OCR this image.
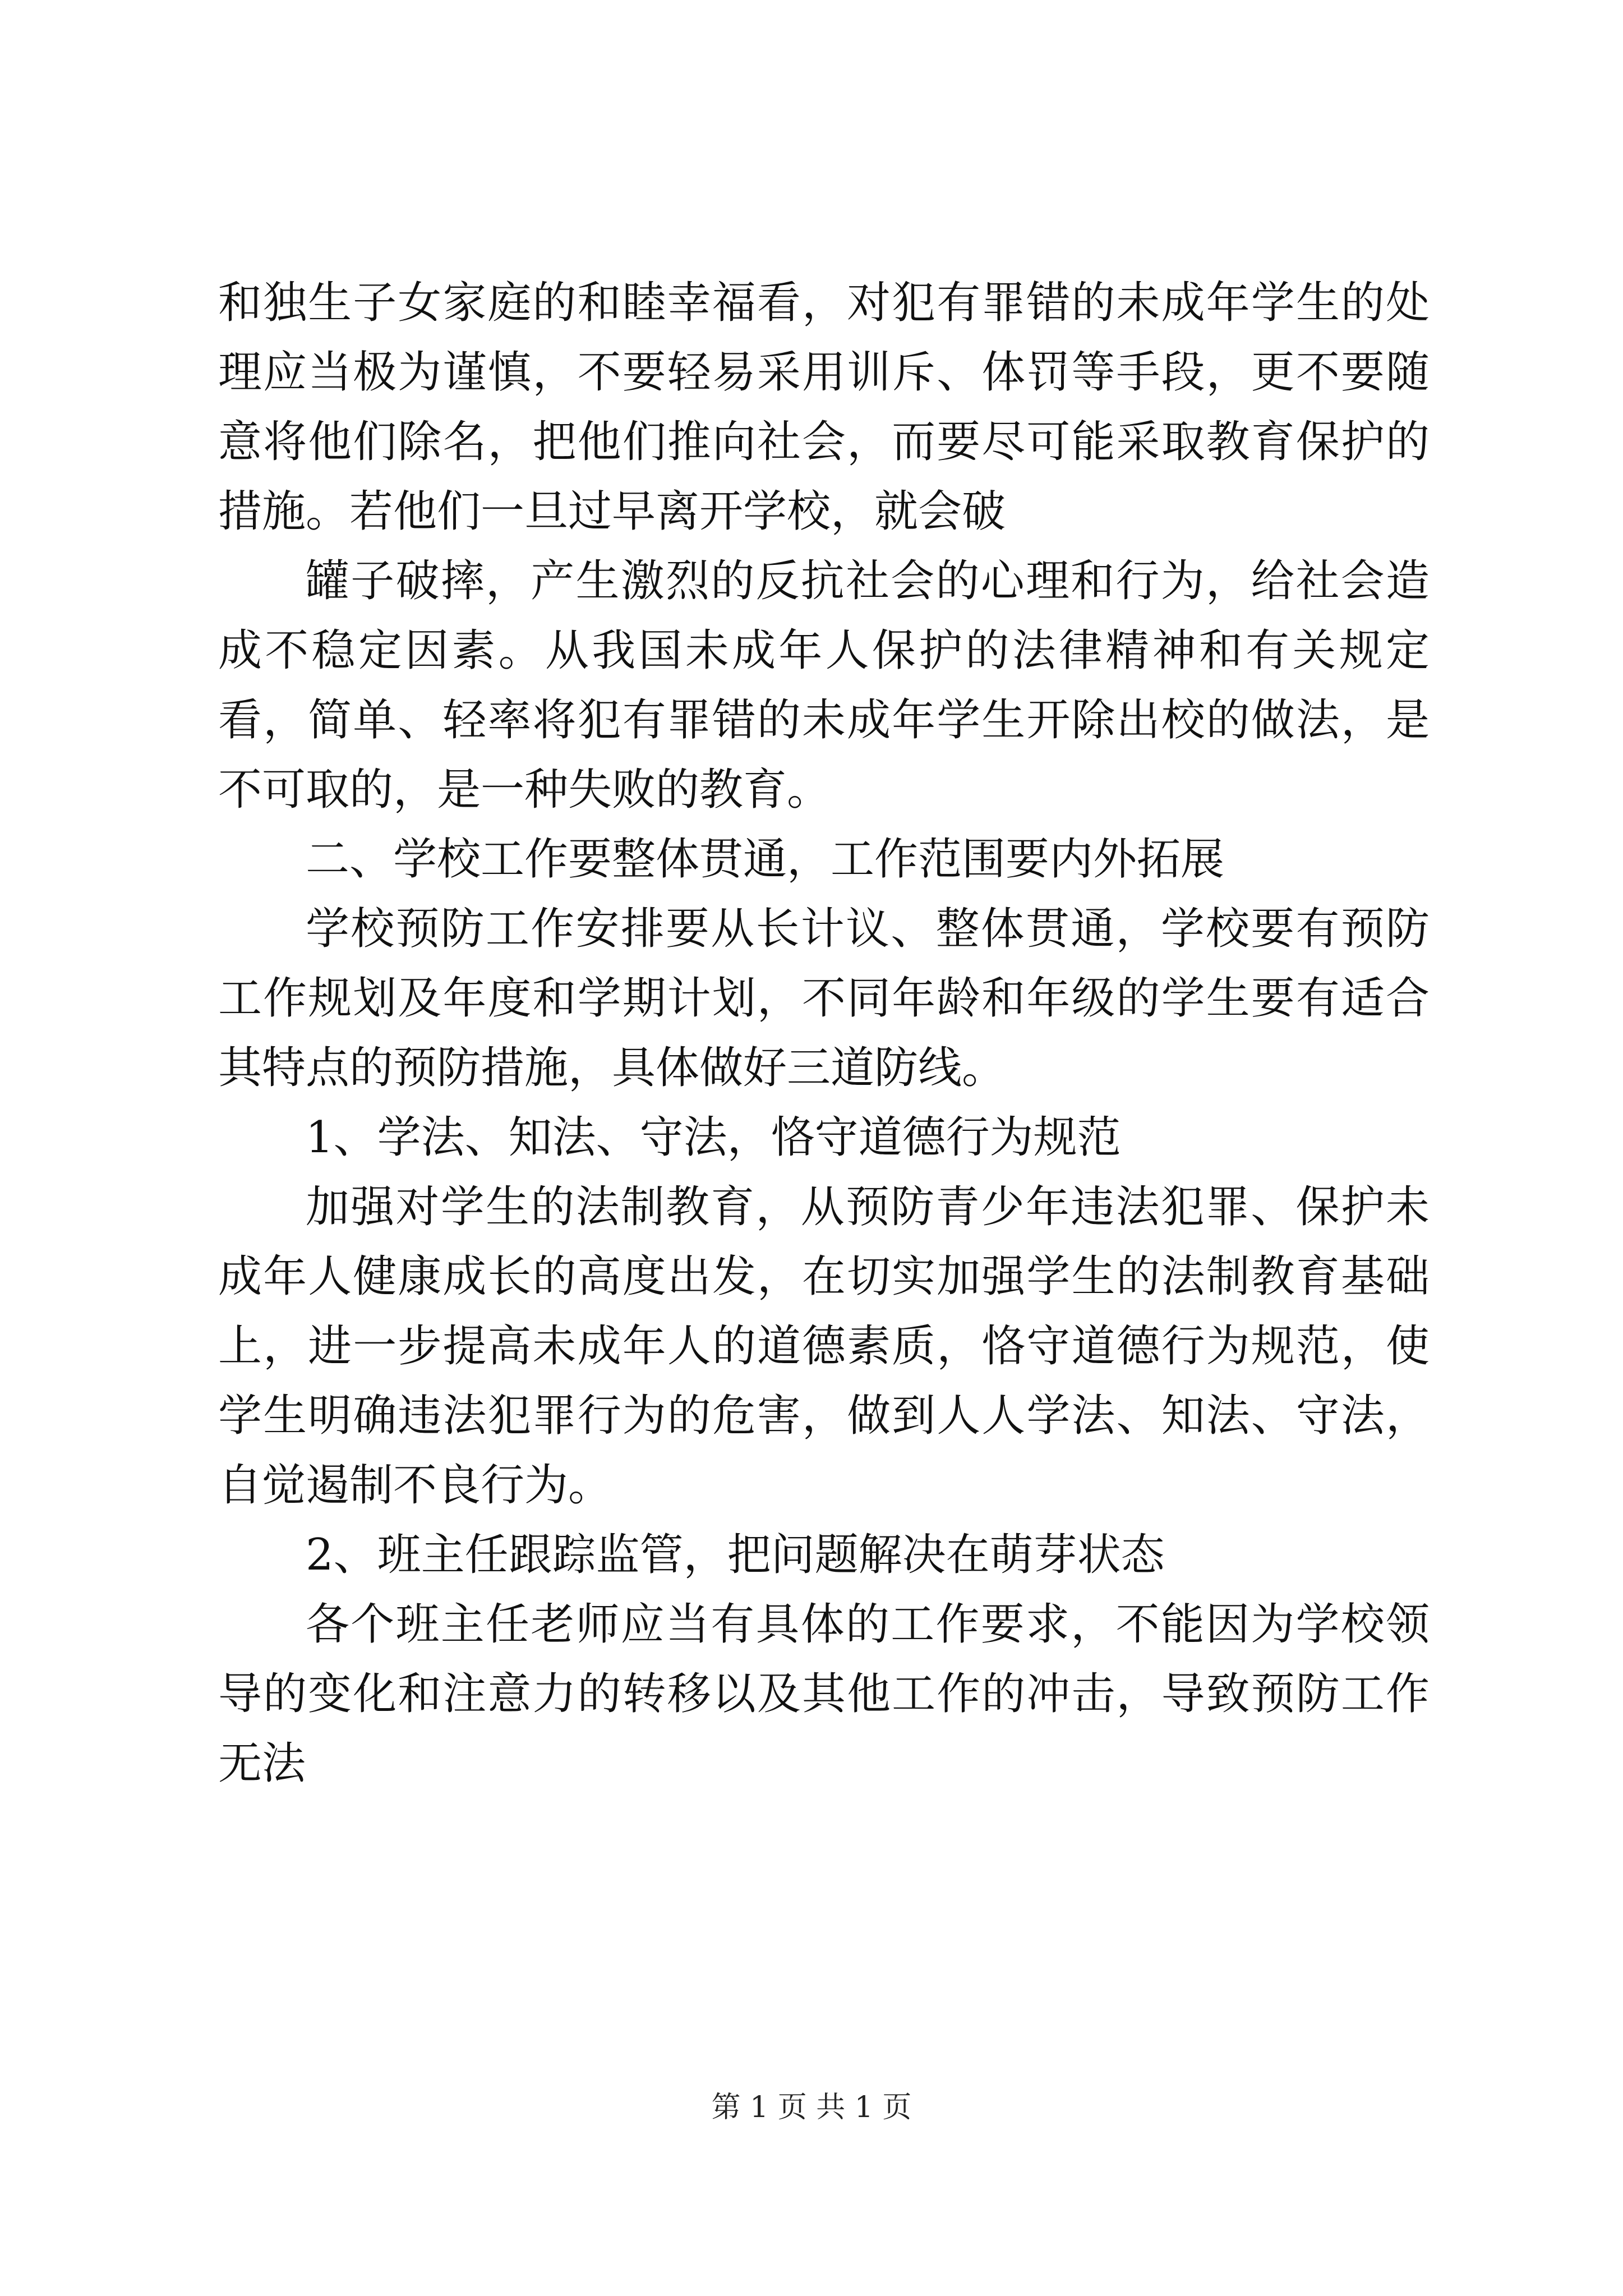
和独生子女家庭的和睦幸福看，对犯有罪错的未成年学生的处理应当极为谨慎，不要轻易采用训斥、体罚等手段，更不要随意将他们除名，把他们推向社会，而要尽可能采取教育保护的措施。若他们一旦过早离开学校，就会破

罐子破摔，产生激烈的反抗社会的心理和行为，给社会造成不稳定因素。从我国未成年人保护的法律精神和有关规定看，简单、轻率将犯有罪错的未成年学生开除出校的做法，是不可取的，是一种失败的教育。

二、学校工作要整体贯通，工作范围要内外拓展

学校预防工作安排要从长计议、整体贯通，学校要有预防工作规划及年度和学期计划，不同年龄和年级的学生要有适合其特点的预防措施，具体做好三道防线。

1、学法、知法、守法，恪守道德行为规范

加强对学生的法制教育，从预防青少年违法犯罪、保护未成年人健康成长的高度出发，在切实加强学生的法制教育基础上，进一步提高未成年人的道德素质，恪守道德行为规范，使学生明确违法犯罪行为的危害，做到人人学法、知法、守法，自觉遏制不良行为。

2、班主任跟踪监管，把问题解决在萌芽状态

各个班主任老师应当有具体的工作要求，不能因为学校领导的变化和注意力的转移以及其他工作的冲击，导致预防工作无法

第 1 页 共 1 页
